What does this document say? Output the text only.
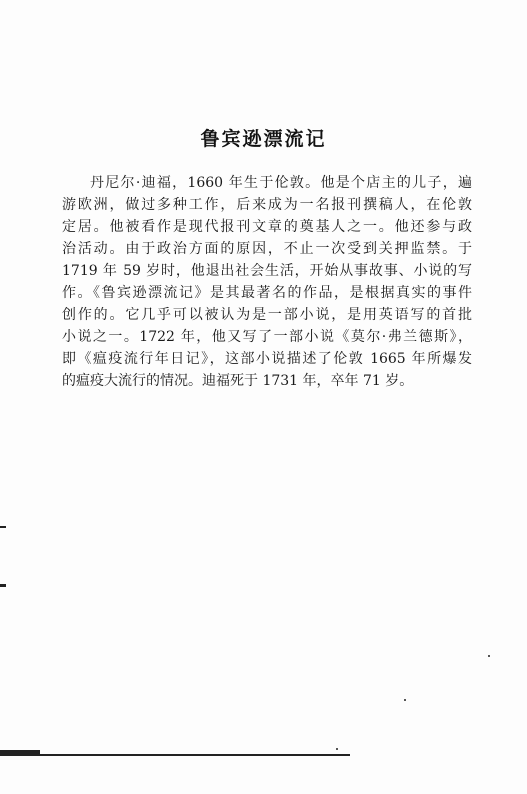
鲁宾逊漂流记
丹尼尔·迪福，1660 年生于伦敦。他是个店主的儿子，遍
游欧洲，做过多种工作，后来成为一名报刊撰稿人，在伦敦
定居。他被看作是现代报刊文章的奠基人之一。他还参与政
治活动。由于政治方面的原因，不止一次受到关押监禁。于
1719 年 59 岁时，他退出社会生活，开始从事故事、小说的写
作。《鲁宾逊漂流记》是其最著名的作品，是根据真实的事件
创作的。它几乎可以被认为是一部小说，是用英语写的首批
小说之一。1722 年，他又写了一部小说《莫尔·弗兰德斯》，
即《瘟疫流行年日记》，这部小说描述了伦敦 1665 年所爆发
的瘟疫大流行的情况。迪福死于 1731 年，卒年 71 岁。
